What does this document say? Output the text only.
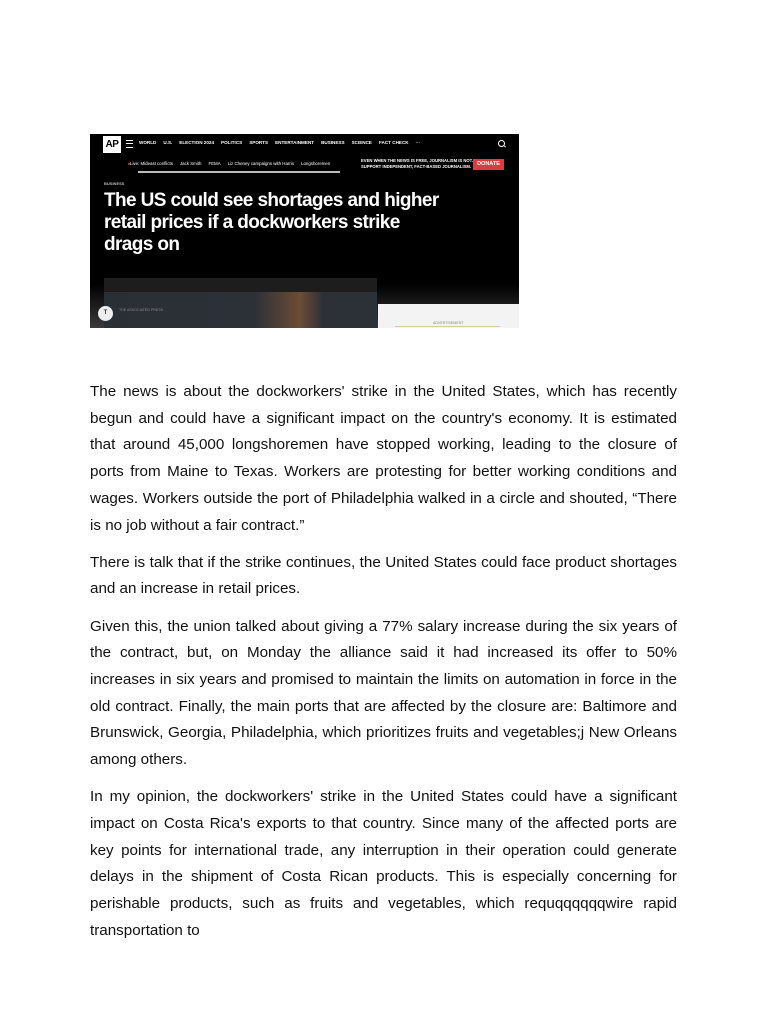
AP	WORLD U.S. ELECTION 2024 POLITICS SPORTS ENTERTAINMENT BUSINESS SCIENCE FACT CHECK ···
Live: Mideast conflicts Jack Smith FEMA Liz Cheney campaigns with Harris Longshoremen
EVEN WHEN THE NEWS IS FREE, JOURNALISM IS NOT. SUPPORT INDEPENDENT, FACT-BASED JOURNALISM.	DONATE
BUSINESS
The US could see shortages and higher retail prices if a dockworkers strike drags on
ADVERTISEMENT
THE ASSOCIATED PRESS
T

The news is about the dockworkers' strike in the United States, which has recently begun and could have a significant impact on the country's economy. It is estimated that around 45,000 longshoremen have stopped working, leading to the closure of ports from Maine to Texas. Workers are protesting for better working conditions and wages. Workers outside the port of Philadelphia walked in a circle and shouted, “There is no job without a fair contract.”

There is talk that if the strike continues, the United States could face product shortages and an increase in retail prices.

Given this, the union talked about giving a 77% salary increase during the six years of the contract, but, on Monday the alliance said it had increased its offer to 50% increases in six years and promised to maintain the limits on automation in force in the old contract. Finally, the main ports that are affected by the closure are: Baltimore and Brunswick, Georgia, Philadelphia, which prioritizes fruits and vegetables;j New Orleans among others.

In my opinion, the dockworkers' strike in the United States could have a significant impact on Costa Rica's exports to that country. Since many of the affected ports are key points for international trade, any interruption in their operation could generate delays in the shipment of Costa Rican products. This is especially concerning for perishable products, such as fruits and vegetables, which requqqqqqqwire rapid transportation to
